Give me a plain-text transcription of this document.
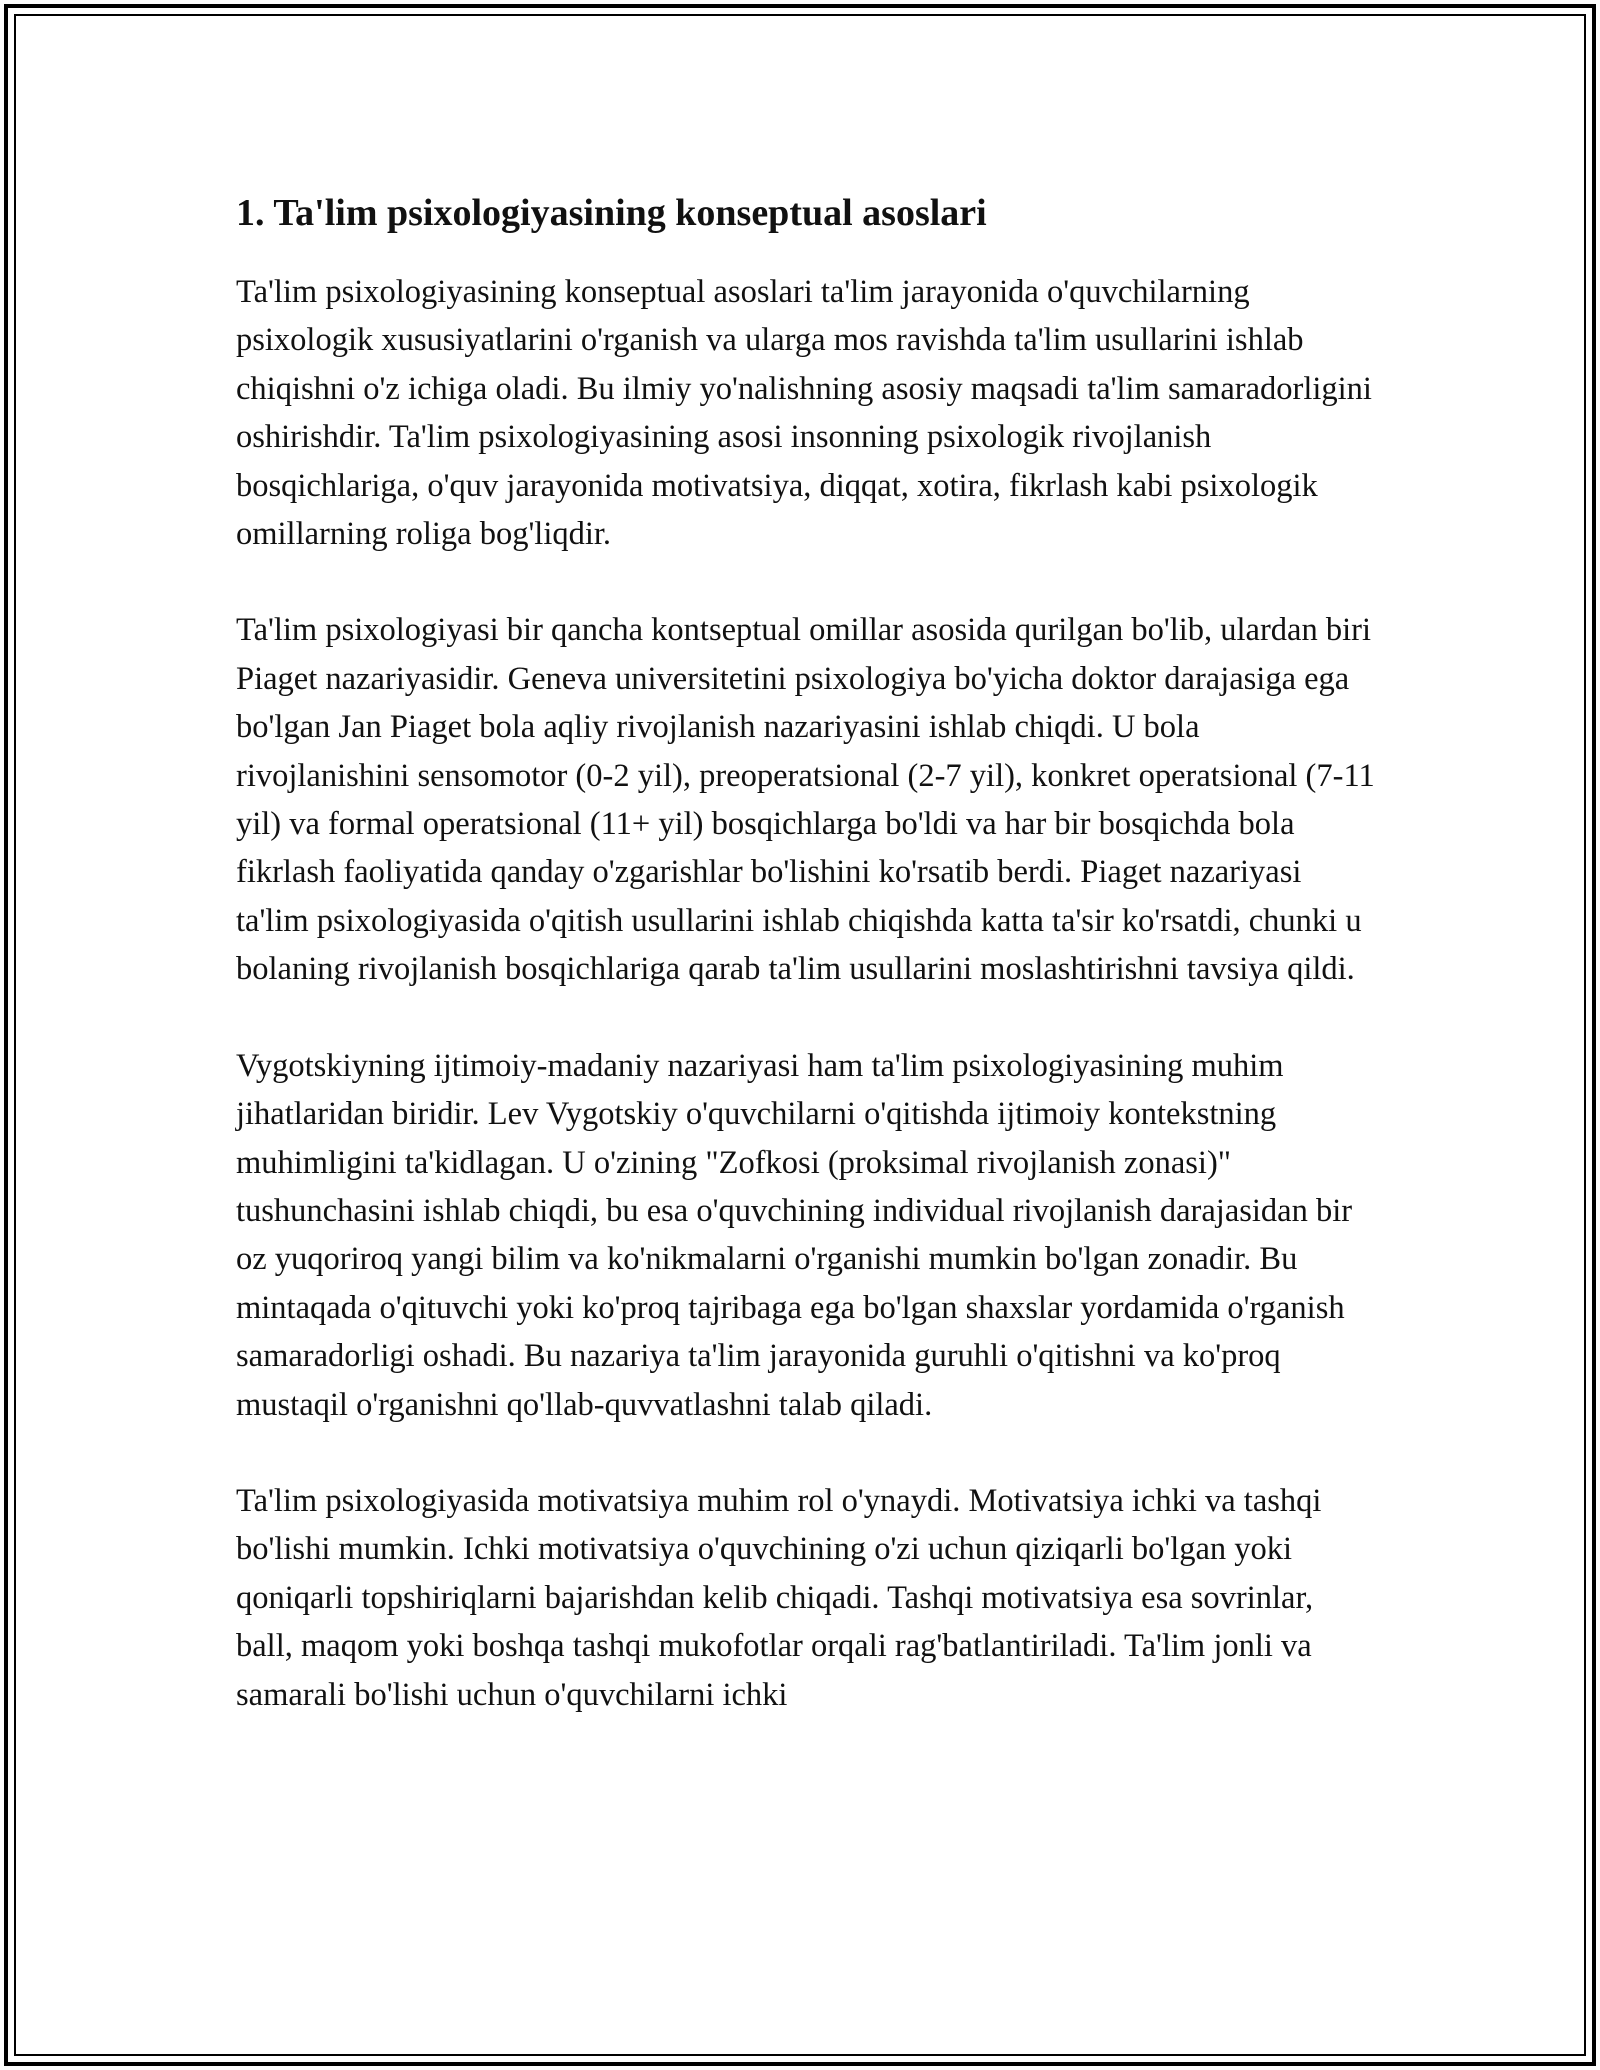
1. Ta'lim psixologiyasining konseptual asoslari

Ta'lim psixologiyasining konseptual asoslari ta'lim jarayonida o'quvchilarning psixologik xususiyatlarini o'rganish va ularga mos ravishda ta'lim usullarini ishlab chiqishni o'z ichiga oladi. Bu ilmiy yo'nalishning asosiy maqsadi ta'lim samaradorligini oshirishdir. Ta'lim psixologiyasining asosi insonning psixologik rivojlanish bosqichlariga, o'quv jarayonida motivatsiya, diqqat, xotira, fikrlash kabi psixologik omillarning roliga bog'liqdir.

Ta'lim psixologiyasi bir qancha kontseptual omillar asosida qurilgan bo'lib, ulardan biri Piaget nazariyasidir. Geneva universitetini psixologiya bo'yicha doktor darajasiga ega bo'lgan Jan Piaget bola aqliy rivojlanish nazariyasini ishlab chiqdi. U bola rivojlanishini sensomotor (0-2 yil), preoperatsional (2-7 yil), konkret operatsional (7-11 yil) va formal operatsional (11+ yil) bosqichlarga bo'ldi va har bir bosqichda bola fikrlash faoliyatida qanday o'zgarishlar bo'lishini ko'rsatib berdi. Piaget nazariyasi ta'lim psixologiyasida o'qitish usullarini ishlab chiqishda katta ta'sir ko'rsatdi, chunki u bolaning rivojlanish bosqichlariga qarab ta'lim usullarini moslashtirishni tavsiya qildi.

Vygotskiyning ijtimoiy-madaniy nazariyasi ham ta'lim psixologiyasining muhim jihatlaridan biridir. Lev Vygotskiy o'quvchilarni o'qitishda ijtimoiy kontekstning muhimligini ta'kidlagan. U o'zining "Zofkosi (proksimal rivojlanish zonasi)" tushunchasini ishlab chiqdi, bu esa o'quvchining individual rivojlanish darajasidan bir oz yuqoriroq yangi bilim va ko'nikmalarni o'rganishi mumkin bo'lgan zonadir. Bu mintaqada o'qituvchi yoki ko'proq tajribaga ega bo'lgan shaxslar yordamida o'rganish samaradorligi oshadi. Bu nazariya ta'lim jarayonida guruhli o'qitishni va ko'proq mustaqil o'rganishni qo'llab-quvvatlashni talab qiladi.

Ta'lim psixologiyasida motivatsiya muhim rol o'ynaydi. Motivatsiya ichki va tashqi bo'lishi mumkin. Ichki motivatsiya o'quvchining o'zi uchun qiziqarli bo'lgan yoki qoniqarli topshiriqlarni bajarishdan kelib chiqadi. Tashqi motivatsiya esa sovrinlar, ball, maqom yoki boshqa tashqi mukofotlar orqali rag'batlantiriladi. Ta'lim jonli va samarali bo'lishi uchun o'quvchilarni ichki
